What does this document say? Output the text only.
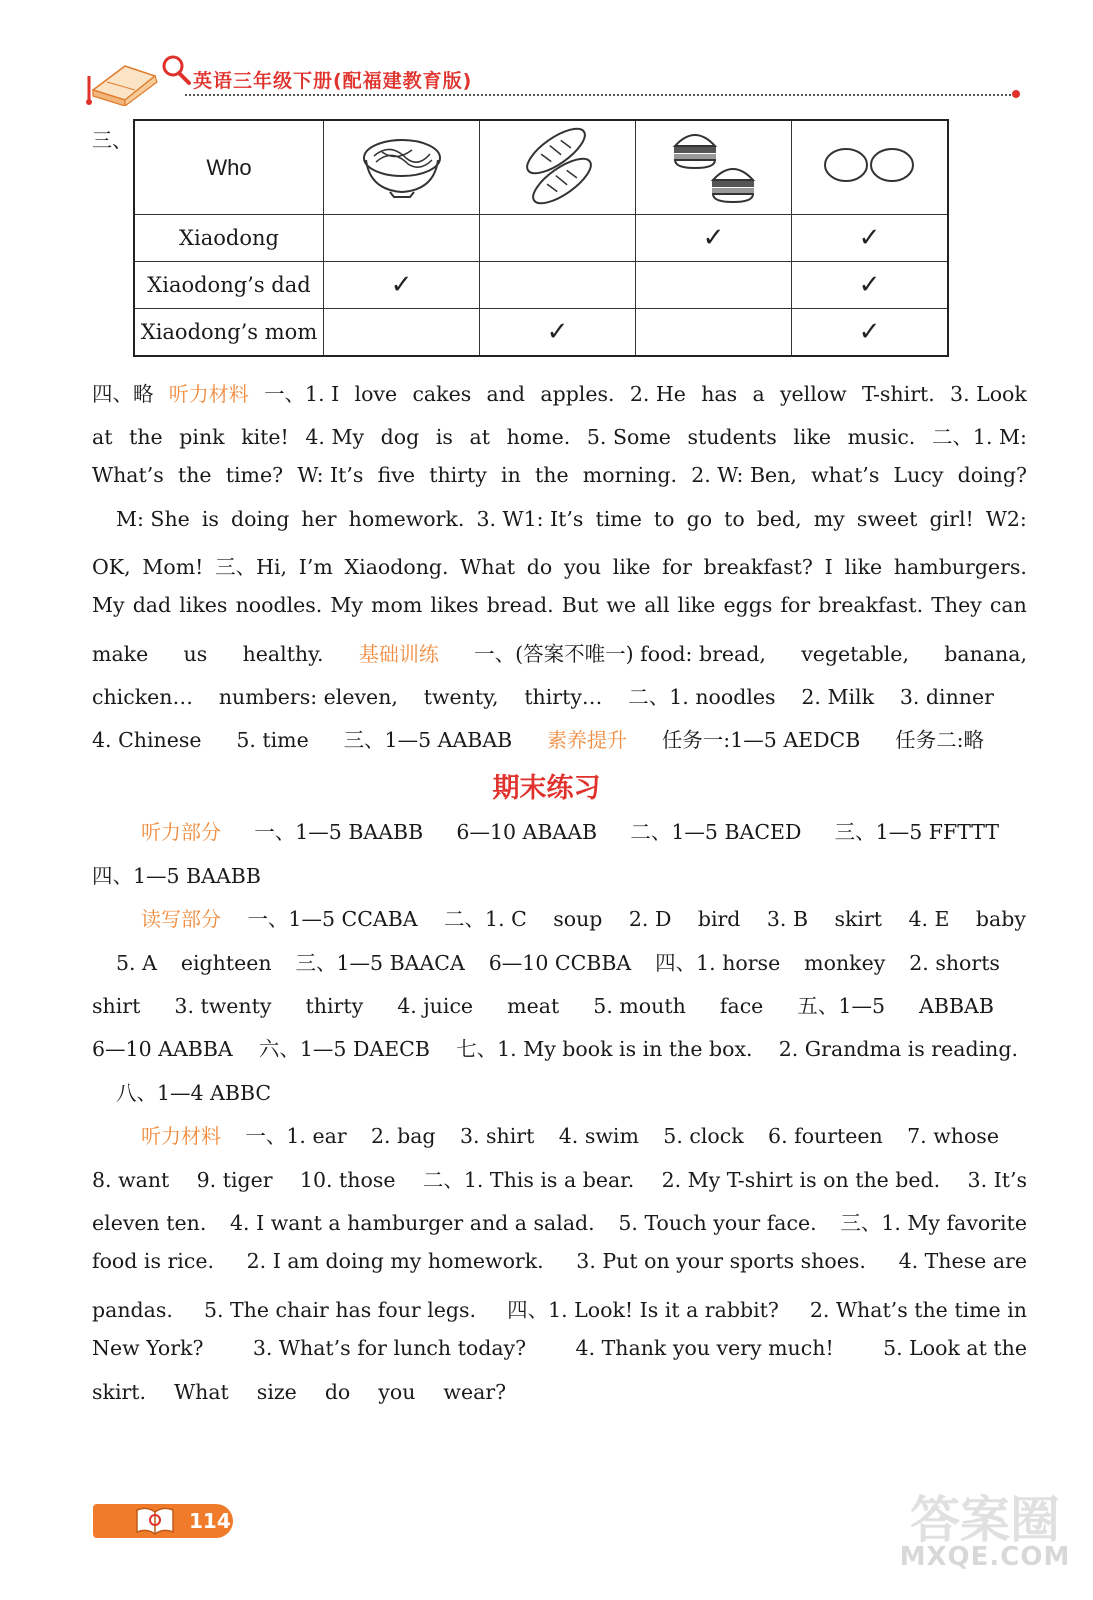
英语三年级下册(配福建教育版)
三、
Who				
Xiaodong			✓	✓
Xiaodong’s dad	✓			✓
Xiaodong’s mom		✓		✓
四、略 听力材料 一、1. I love cakes and apples. 2. He has a yellow T-shirt. 3. Look
at the pink kite! 4. My dog is at home. 5. Some students like music. 二、1. M:
What’s the time? W: It’s five thirty in the morning. 2. W: Ben, what’s Lucy doing?
M: She is doing her homework. 3. W1: It’s time to go to bed, my sweet girl! W2:
OK, Mom! 三、Hi, I’m Xiaodong. What do you like for breakfast? I like hamburgers.
My dad likes noodles. My mom likes bread. But we all like eggs for breakfast. They can
make us healthy. 基础训练 一、(答案不唯一) food: bread, vegetable, banana,
chicken… numbers: eleven, twenty, thirty… 二、1. noodles 2. Milk 3. dinner
4. Chinese 5. time 三、1—5 AABAB 素养提升 任务一:1—5 AEDCB 任务二:略
期末练习
听力部分 一、1—5 BAABB 6—10 ABAAB 二、1—5 BACED 三、1—5 FFTTT
四、1—5 BAABB
读写部分 一、1—5 CCABA 二、1. C soup 2. D bird 3. B skirt 4. E baby
5. A eighteen 三、1—5 BAACA 6—10 CCBBA 四、1. horse monkey 2. shorts
shirt 3. twenty thirty 4. juice meat 5. mouth face 五、1—5 ABBAB
6—10 AABBA 六、1—5 DAECB 七、1. My book is in the box. 2. Grandma is reading.
八、1—4 ABBC
听力材料 一、1. ear 2. bag 3. shirt 4. swim 5. clock 6. fourteen 7. whose
8. want 9. tiger 10. those 二、1. This is a bear. 2. My T-shirt is on the bed. 3. It’s
eleven ten. 4. I want a hamburger and a salad. 5. Touch your face. 三、1. My favorite
food is rice. 2. I am doing my homework. 3. Put on your sports shoes. 4. These are
pandas. 5. The chair has four legs. 四、1. Look! Is it a rabbit? 2. What’s the time in
New York? 3. What’s for lunch today? 4. Thank you very much! 5. Look at the
skirt. What size do you wear?
114	答案圈
MXQE.COM
